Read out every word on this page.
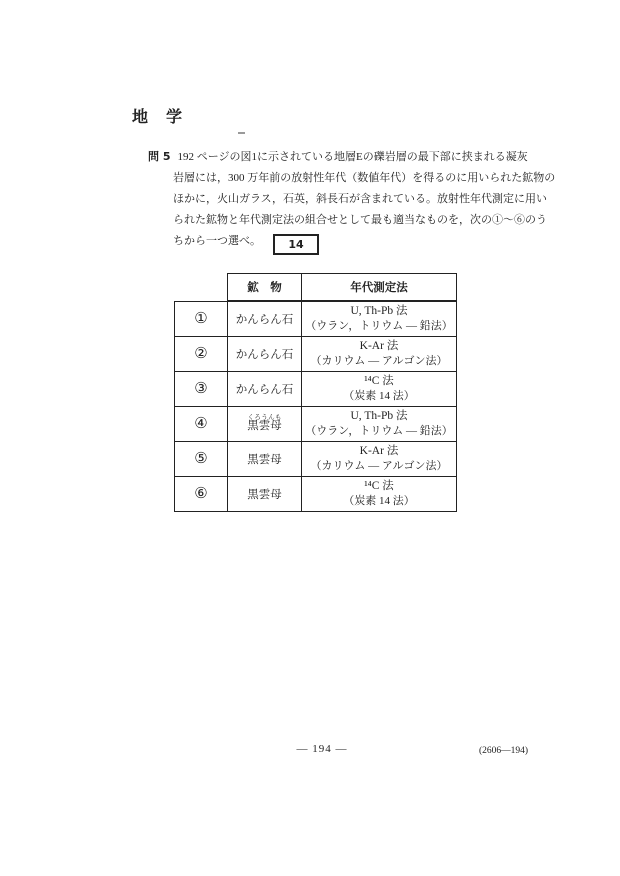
地　学
問 5 192 ページの図1に示されている地層Eの礫岩層の最下部に挟まれる凝灰
岩層には，300 万年前の放射性年代（数値年代）を得るのに用いられた鉱物の
ほかに，火山ガラス，石英，斜長石が含まれている。放射性年代測定に用い
られた鉱物と年代測定法の組合せとして最も適当なものを，次の①～⑥のう
ちから一つ選べ。 14
	鉱　物	年代測定法
①	かんらん石	U, Th-Pb 法
（ウラン，トリウム — 鉛法）

②	かんらん石	K-Ar 法
（カリウム — アルゴン法）

③	かんらん石	¹⁴C 法
（炭素 14 法）

④	黒雲母くろうんも	U, Th-Pb 法
（ウラン，トリウム — 鉛法）

⑤	黒雲母	K-Ar 法
（カリウム — アルゴン法）

⑥	黒雲母	¹⁴C 法
（炭素 14 法）
— 194 —	(2606—194)
